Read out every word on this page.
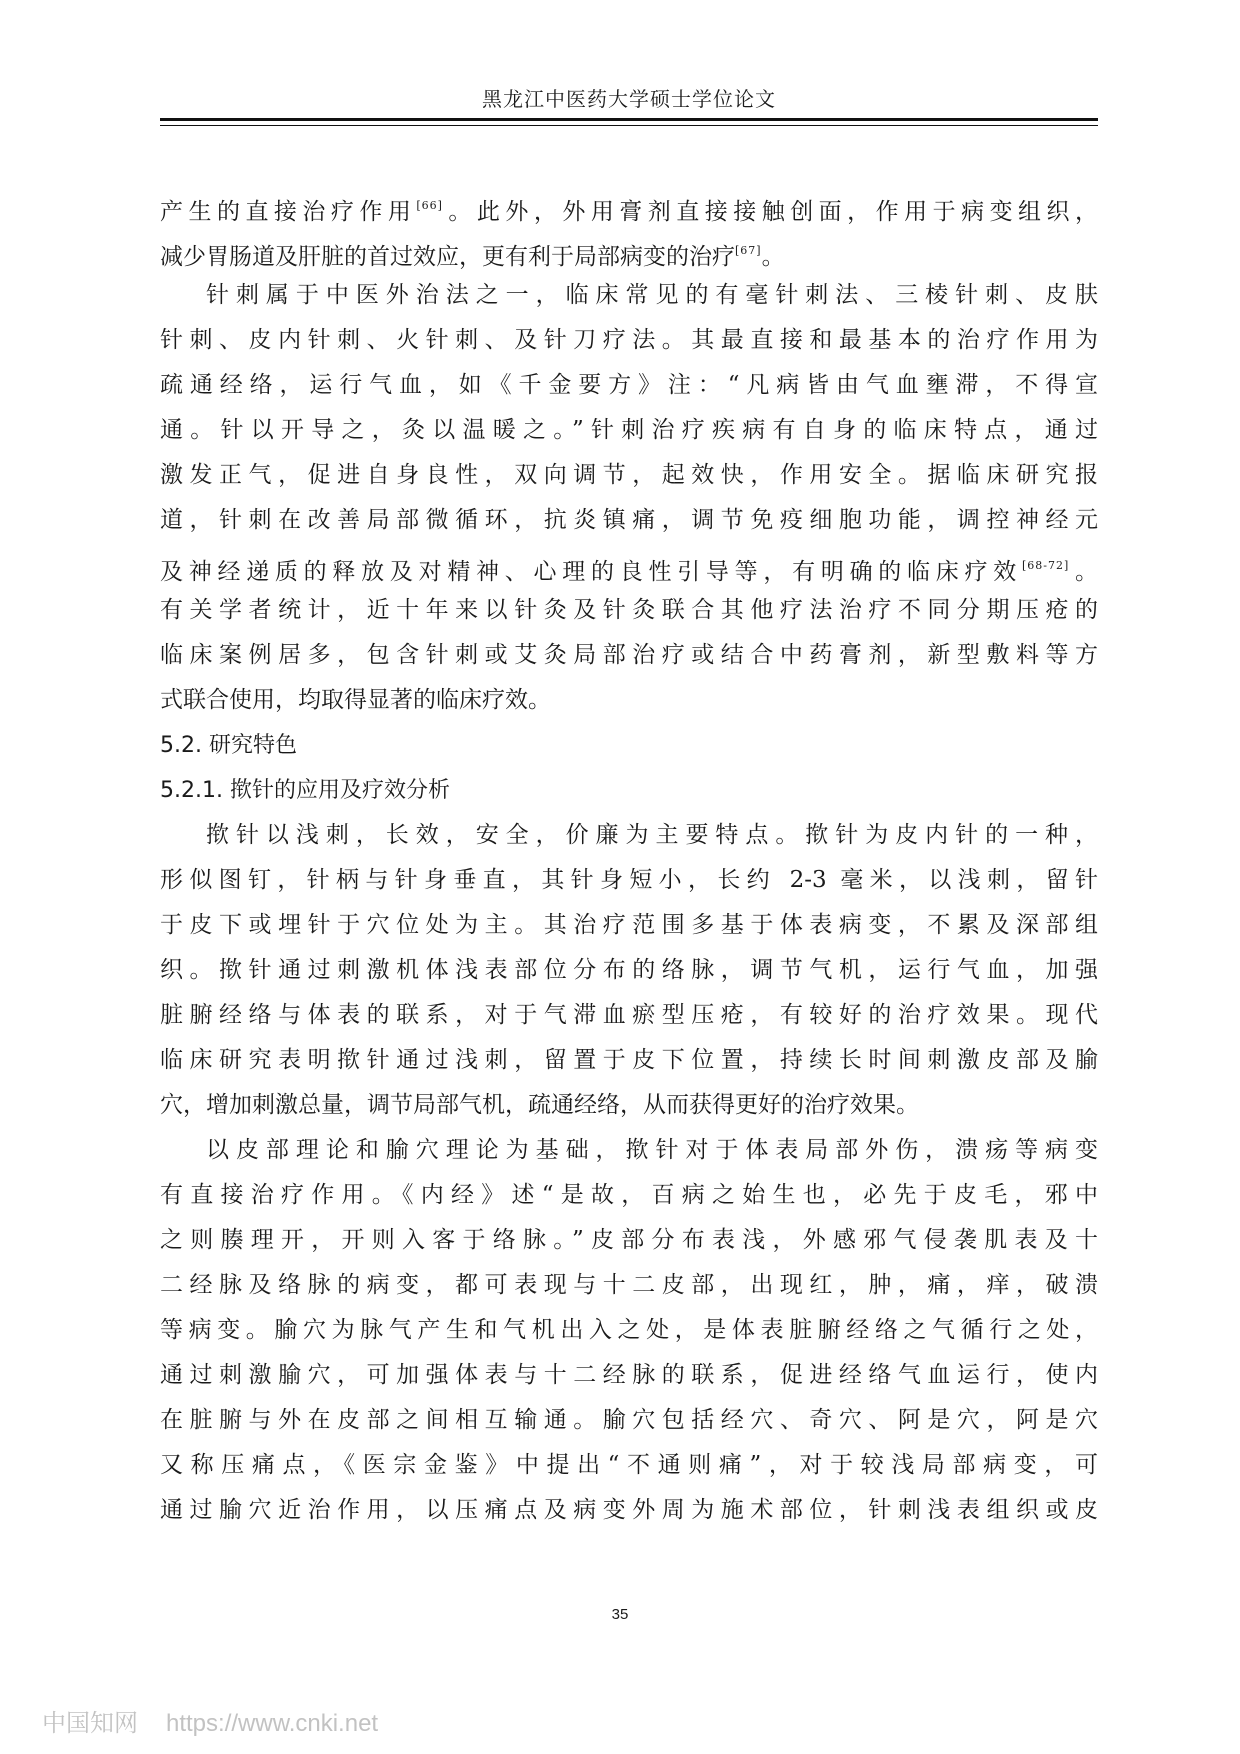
黑龙江中医药大学硕士学位论文
产生的直接治疗作用[66]。此外，外用膏剂直接接触创面，作用于病变组织，
减少胃肠道及肝脏的首过效应，更有利于局部病变的治疗[67]。
针刺属于中医外治法之一，临床常见的有毫针刺法、三棱针刺、皮肤
针刺、皮内针刺、火针刺、及针刀疗法。其最直接和最基本的治疗作用为
疏通经络，运行气血，如《千金要方》注：“凡病皆由气血壅滞，不得宣
通。针以开导之，灸以温暖之。”针刺治疗疾病有自身的临床特点，通过
激发正气，促进自身良性，双向调节，起效快，作用安全。据临床研究报
道，针刺在改善局部微循环，抗炎镇痛，调节免疫细胞功能，调控神经元
及神经递质的释放及对精神、心理的良性引导等，有明确的临床疗效[68-72]。
有关学者统计，近十年来以针灸及针灸联合其他疗法治疗不同分期压疮的
临床案例居多，包含针刺或艾灸局部治疗或结合中药膏剂，新型敷料等方
式联合使用，均取得显著的临床疗效。
5.2. 研究特色
5.2.1. 揿针的应用及疗效分析
揿针以浅刺，长效，安全，价廉为主要特点。揿针为皮内针的一种，
形似图钉，针柄与针身垂直，其针身短小，长约 2-3 毫米，以浅刺，留针
于皮下或埋针于穴位处为主。其治疗范围多基于体表病变，不累及深部组
织。揿针通过刺激机体浅表部位分布的络脉，调节气机，运行气血，加强
脏腑经络与体表的联系，对于气滞血瘀型压疮，有较好的治疗效果。现代
临床研究表明揿针通过浅刺，留置于皮下位置，持续长时间刺激皮部及腧
穴，增加刺激总量，调节局部气机，疏通经络，从而获得更好的治疗效果。
以皮部理论和腧穴理论为基础，揿针对于体表局部外伤，溃疡等病变
有直接治疗作用。《内经》述“是故，百病之始生也，必先于皮毛，邪中
之则腠理开，开则入客于络脉。”皮部分布表浅，外感邪气侵袭肌表及十
二经脉及络脉的病变，都可表现与十二皮部，出现红，肿，痛，痒，破溃
等病变。腧穴为脉气产生和气机出入之处，是体表脏腑经络之气循行之处，
通过刺激腧穴，可加强体表与十二经脉的联系，促进经络气血运行，使内
在脏腑与外在皮部之间相互输通。腧穴包括经穴、奇穴、阿是穴，阿是穴
又称压痛点，《医宗金鉴》中提出“不通则痛”，对于较浅局部病变，可
通过腧穴近治作用，以压痛点及病变外周为施术部位，针刺浅表组织或皮
35
中国知网 https://www.cnki.net
